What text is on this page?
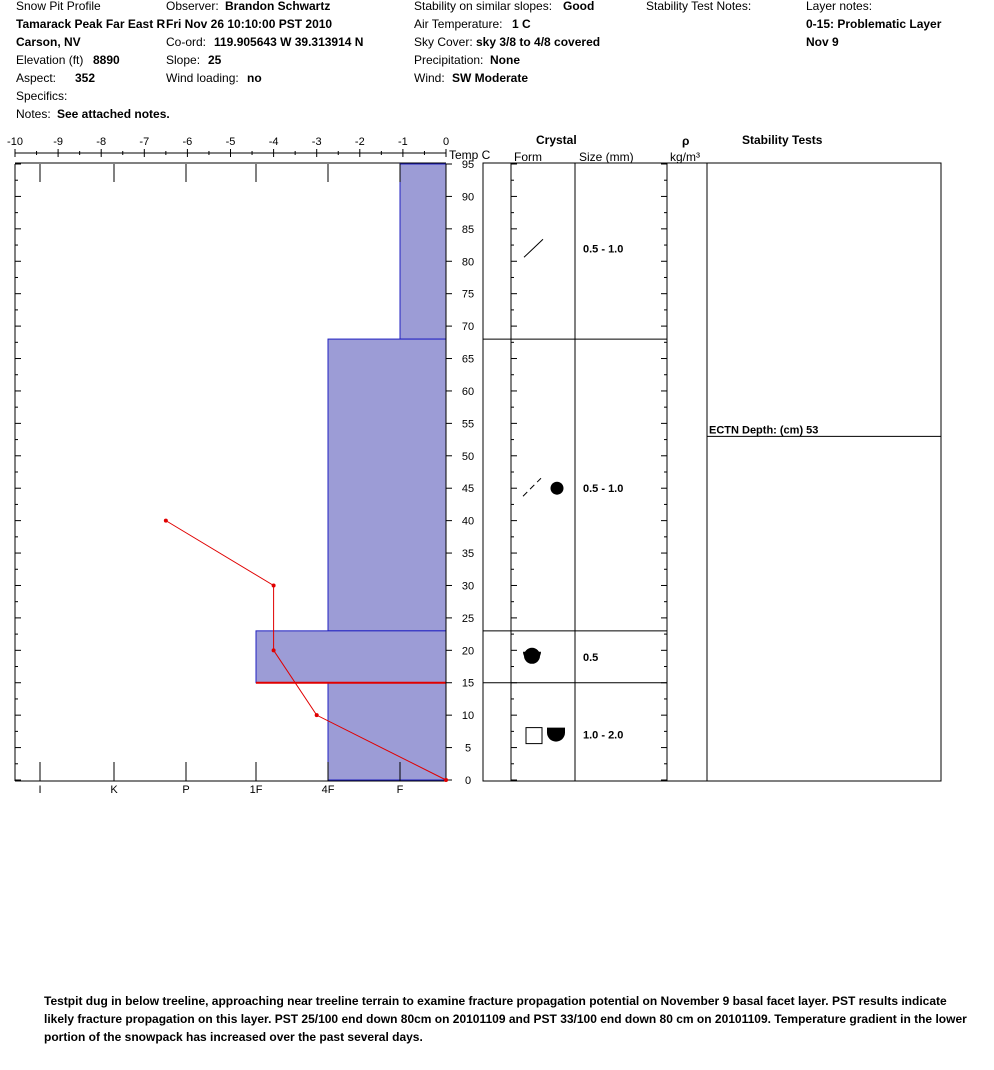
Snow Pit Profile
Tamarack Peak Far East R
Carson, NV
Elevation (ft) 8890
Aspect: 352
Specifics:
Notes: See attached notes.
Observer: Brandon Schwartz
Fri Nov 26 10:10:00 PST 2010
Co-ord: 119.905643 W 39.313914 N
Slope: 25
Wind loading: no
Stability on similar slopes: Good
Air Temperature: 1 C
Sky Cover: sky 3/8 to 4/8 covered
Precipitation: None
Wind: SW Moderate
Stability Test Notes:	Layer notes:
0-15: Problematic Layer
Nov 9
Crystal
Form	Size (mm)
ρ
kg/m³
Stability Tests
Temp C
-10	-9	-8	-7	-6	-5	-4	-3	-2	-1	0
0
5
10
15
20
25
30
35
40
45
50
55
60
65
70
75
80
85
90
95
I	K	P	1F	4F	F
0.5 - 1.0
0.5 - 1.0
0.5
1.0 - 2.0
ECTN Depth: (cm) 53
Testpit dug in below treeline, approaching near treeline terrain to examine fracture propagation potential on November 9 basal facet layer. PST results indicate likely fracture propagation on this layer. PST 25/100 end down 80cm on 20101109 and PST 33/100 end down 80 cm on 20101109. Temperature gradient in the lower portion of the snowpack has increased over the past several days.
